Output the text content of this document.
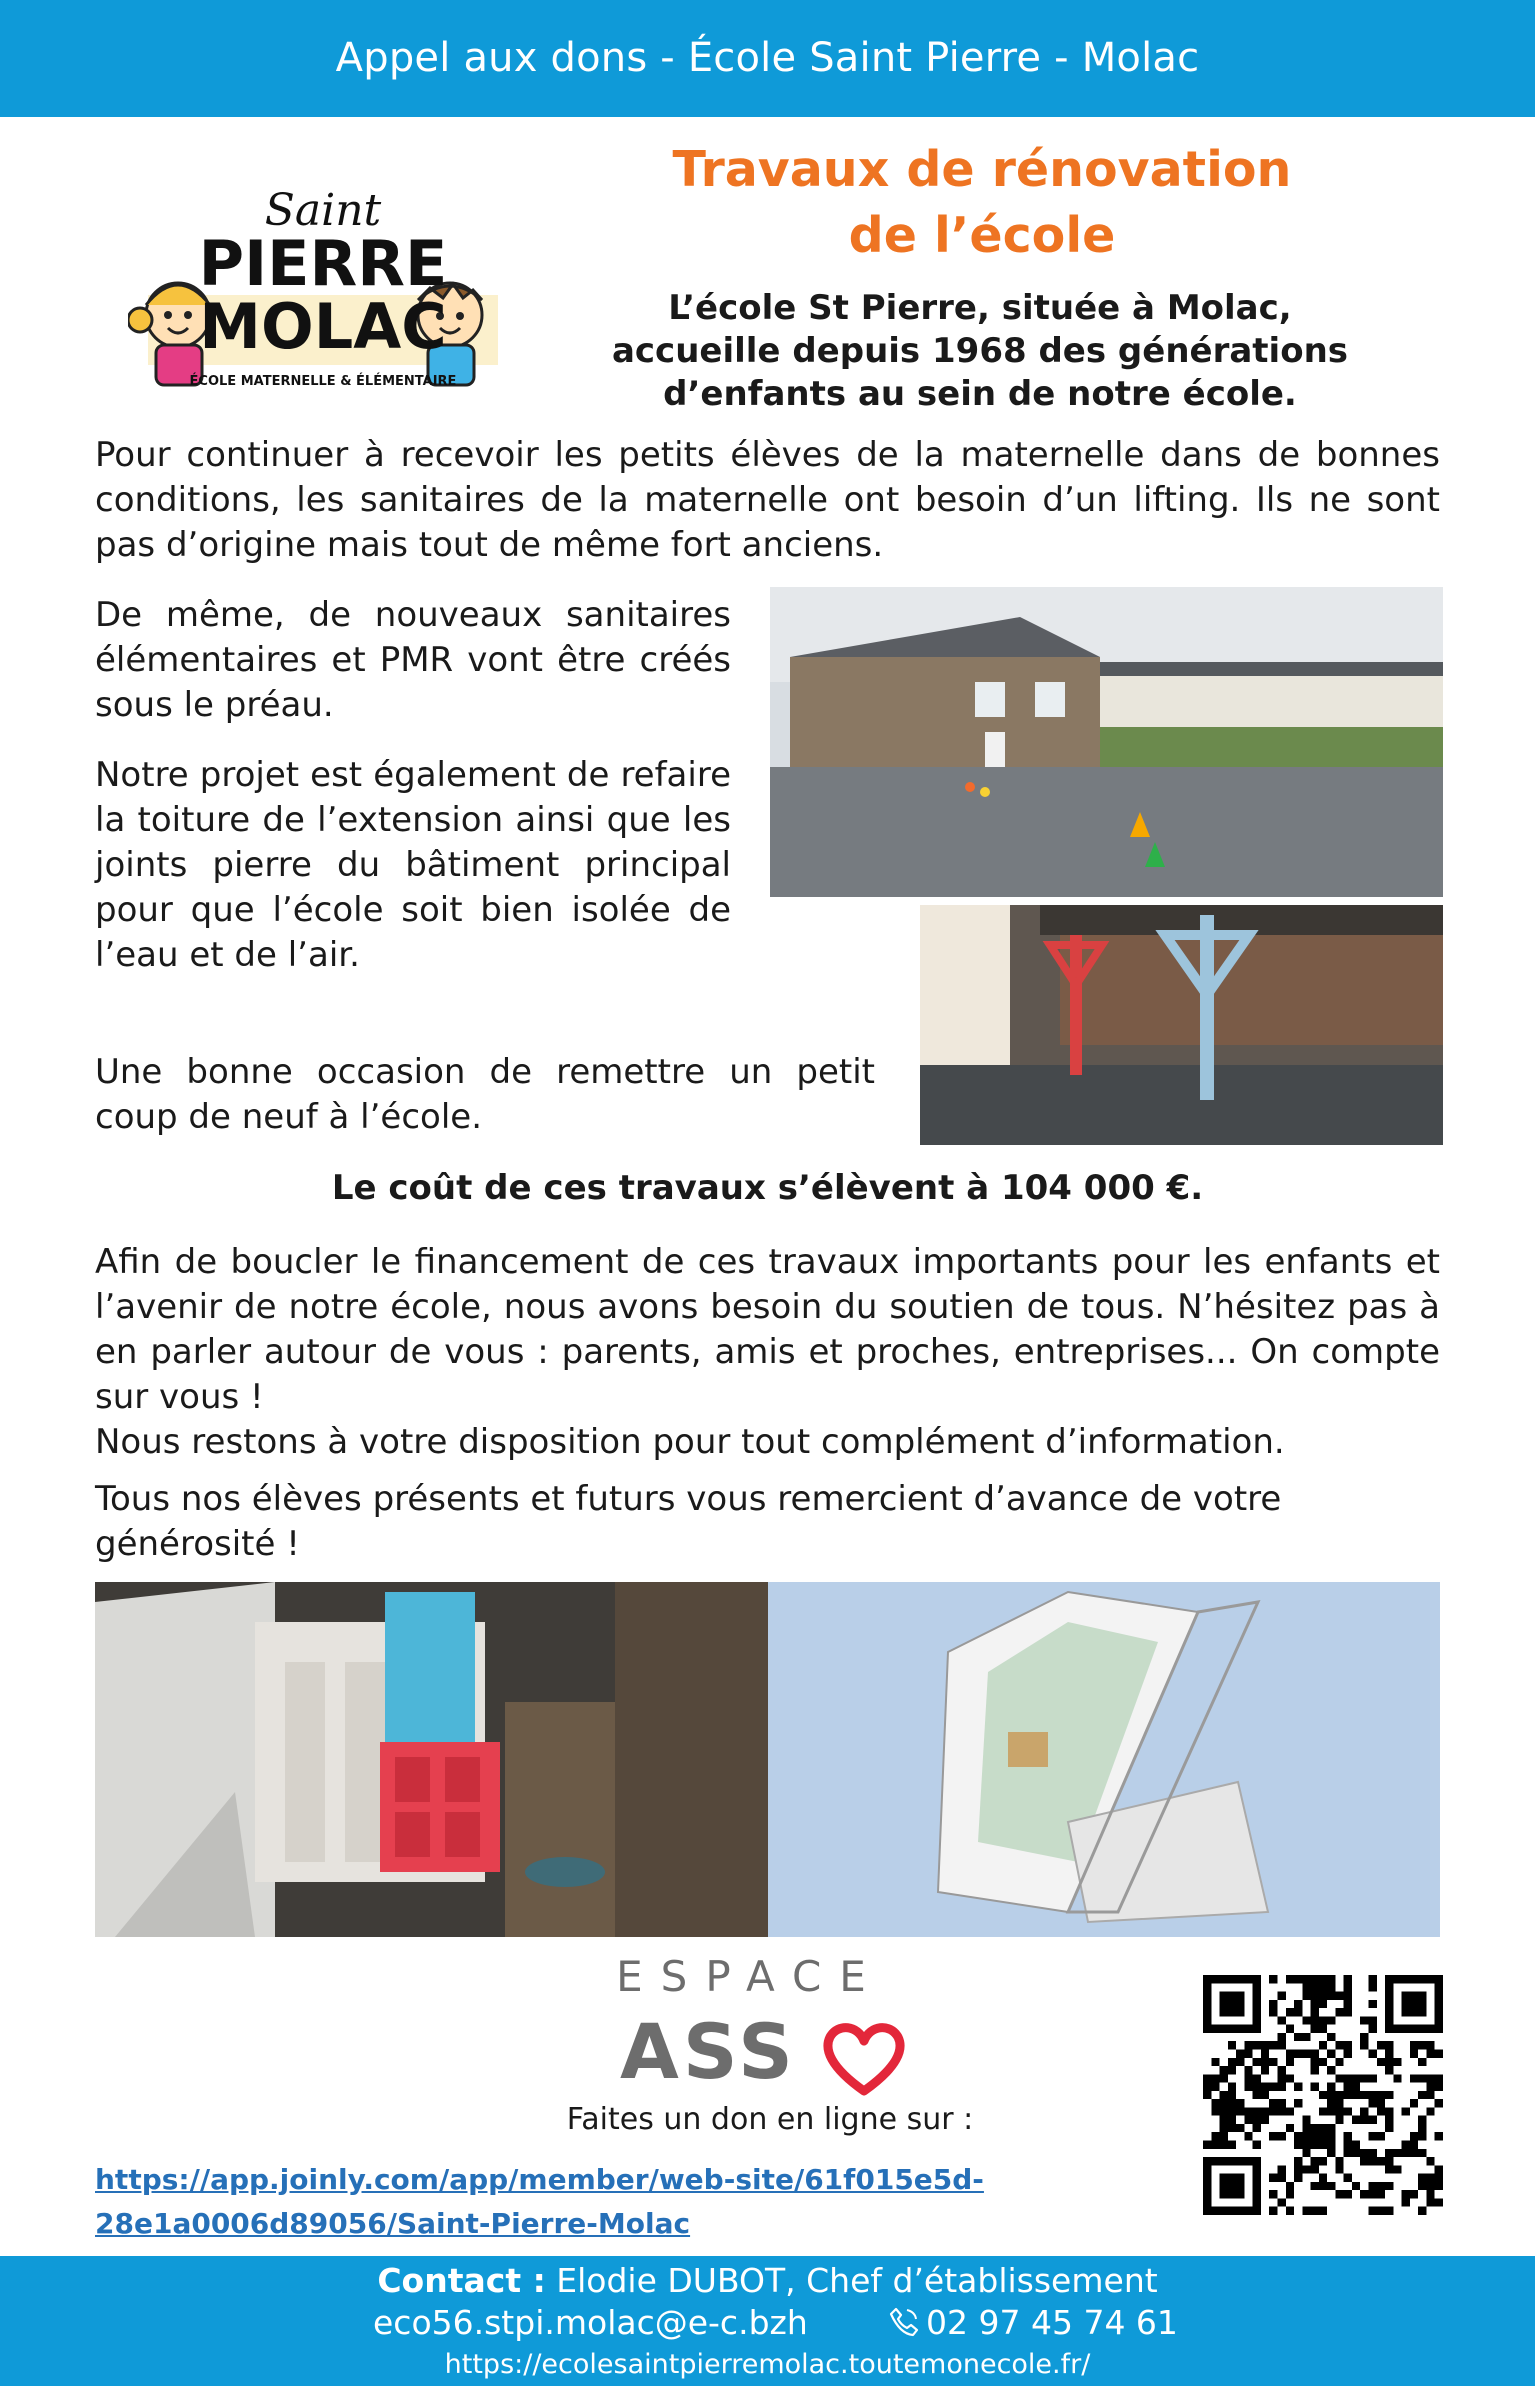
Appel aux dons - École Saint Pierre - Molac
Saint
PIERRE
MOLAC
ÉCOLE MATERNELLE & ÉLÉMENTAIRE
Travaux de rénovation
de l’école
L’école St Pierre, située à Molac,
accueille depuis 1968 des générations
d’enfants au sein de notre école.

Pour continuer à recevoir les petits élèves de la maternelle dans de bonnes conditions, les sanitaires de la maternelle ont besoin d’un lifting. Ils ne sont pas d’origine mais tout de même fort anciens.

De même, de nouveaux sanitaires élémentaires et PMR vont être créés sous le préau.

Notre projet est également de refaire la toiture de l’extension ainsi que les joints pierre du bâtiment principal pour que l’école soit bien isolée de l’eau et de l’air.

Une bonne occasion de remettre un petit coup de neuf à l’école.

Le coût de ces travaux s’élèvent à 104 000 €.

Afin de boucler le financement de ces travaux importants pour les enfants et l’avenir de notre école, nous avons besoin du soutien de tous. N’hésitez pas à en parler autour de vous : parents, amis et proches, entreprises... On compte sur vous !

Nous restons à votre disposition pour tout complément d’information.

Tous nos élèves présents et futurs vous remercient d’avance de votre générosité !

ESPACE
ASS
Faites un don en ligne sur :
https://app.joinly.com/app/member/web-site/61f015e5d-
28e1a0006d89056/Saint-Pierre-Molac
Contact : Elodie DUBOT, Chef d’établissement
eco56.stpi.molac@e-c.bzh	02 97 45 74 61
https://ecolesaintpierremolac.toutemonecole.fr/
